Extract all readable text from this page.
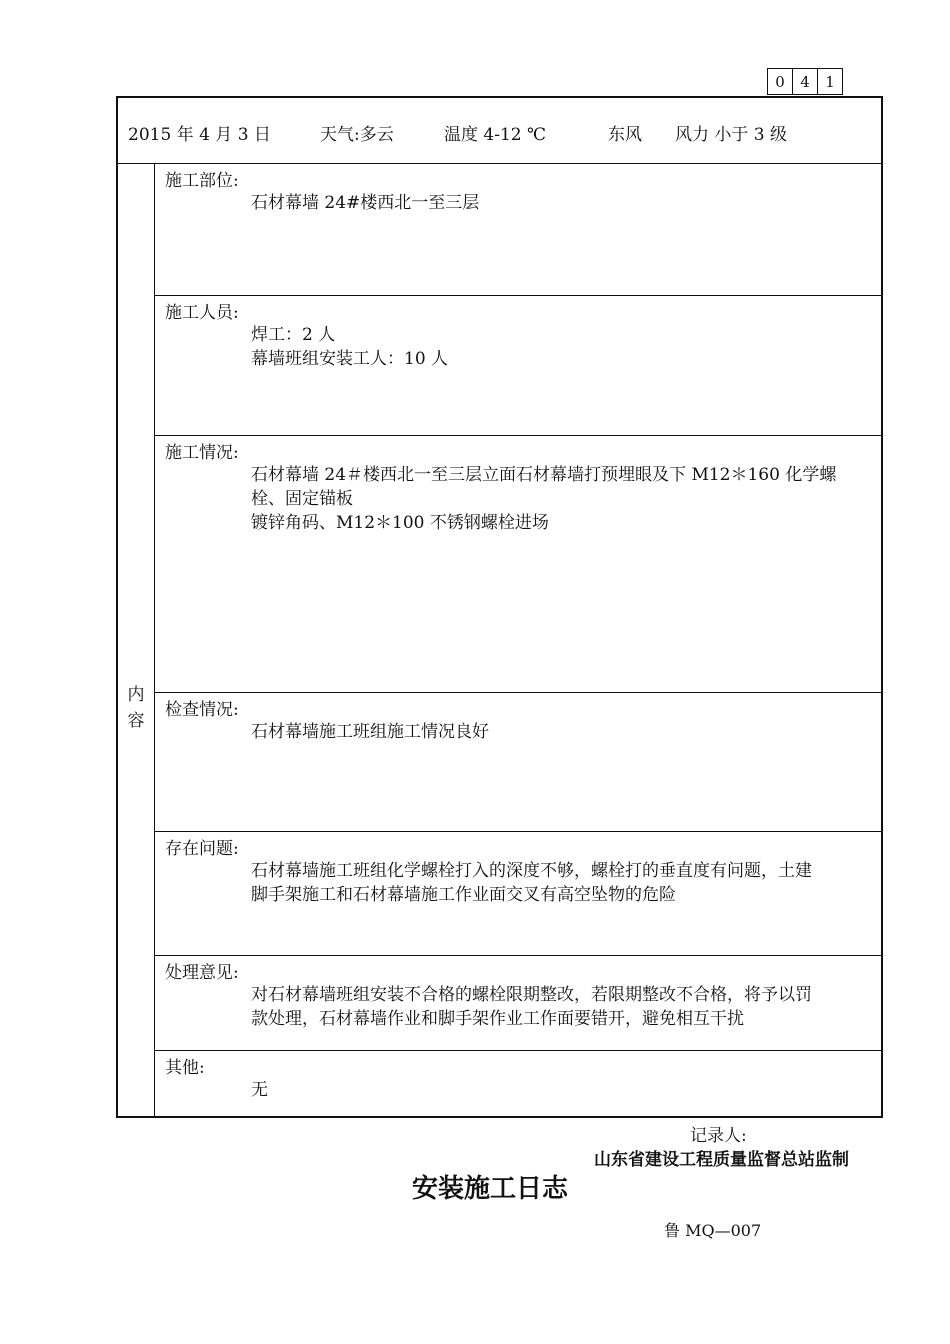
0	4	1
2015 年 4 月 3 日	天气:多云	温度 4-12 ℃	东风 风力 小于 3 级
内
容
施工部位:
石材幕墙 24#楼西北一至三层
施工人员:
焊工：2 人
幕墙班组安装工人：10 人
施工情况:
石材幕墙 24＃楼西北一至三层立面石材幕墙打预埋眼及下 M12＊160 化学螺
栓、固定锚板
镀锌角码、M12＊100 不锈钢螺栓进场
检查情况:
石材幕墙施工班组施工情况良好
存在问题:
石材幕墙施工班组化学螺栓打入的深度不够，螺栓打的垂直度有问题，土建
脚手架施工和石材幕墙施工作业面交叉有高空坠物的危险
处理意见:
对石材幕墙班组安装不合格的螺栓限期整改，若限期整改不合格，将予以罚
款处理，石材幕墙作业和脚手架作业工作面要错开，避免相互干扰
其他:
无
记录人:
山东省建设工程质量监督总站监制
安装施工日志
鲁 MQ—007
